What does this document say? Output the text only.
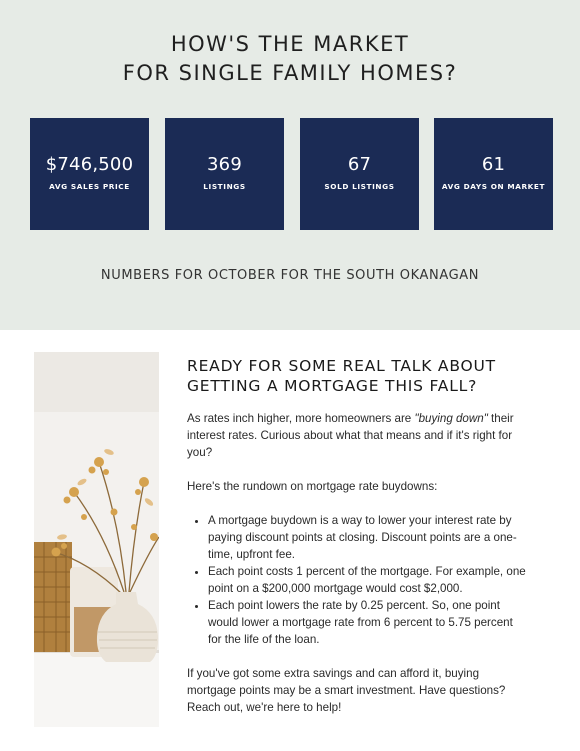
HOW'S THE MARKET
FOR SINGLE FAMILY HOMES?
$746,500
AVG SALES PRICE
369
LISTINGS
67
SOLD LISTINGS
61
AVG DAYS ON MARKET
NUMBERS FOR OCTOBER FOR THE SOUTH OKANAGAN
READY FOR SOME REAL TALK ABOUT
GETTING A MORTGAGE THIS FALL?

As rates inch higher, more homeowners are "buying down" their interest rates. Curious about what that means and if it's right for you?

Here's the rundown on mortgage rate buydowns:

• A mortgage buydown is a way to lower your interest rate by paying discount points at closing. Discount points are a one-time, upfront fee.
• Each point costs 1 percent of the mortgage. For example, one point on a $200,000 mortgage would cost $2,000.
• Each point lowers the rate by 0.25 percent. So, one point would lower a mortgage rate from 6 percent to 5.75 percent for the life of the loan.

If you've got some extra savings and can afford it, buying mortgage points may be a smart investment. Have questions? Reach out, we're here to help!
